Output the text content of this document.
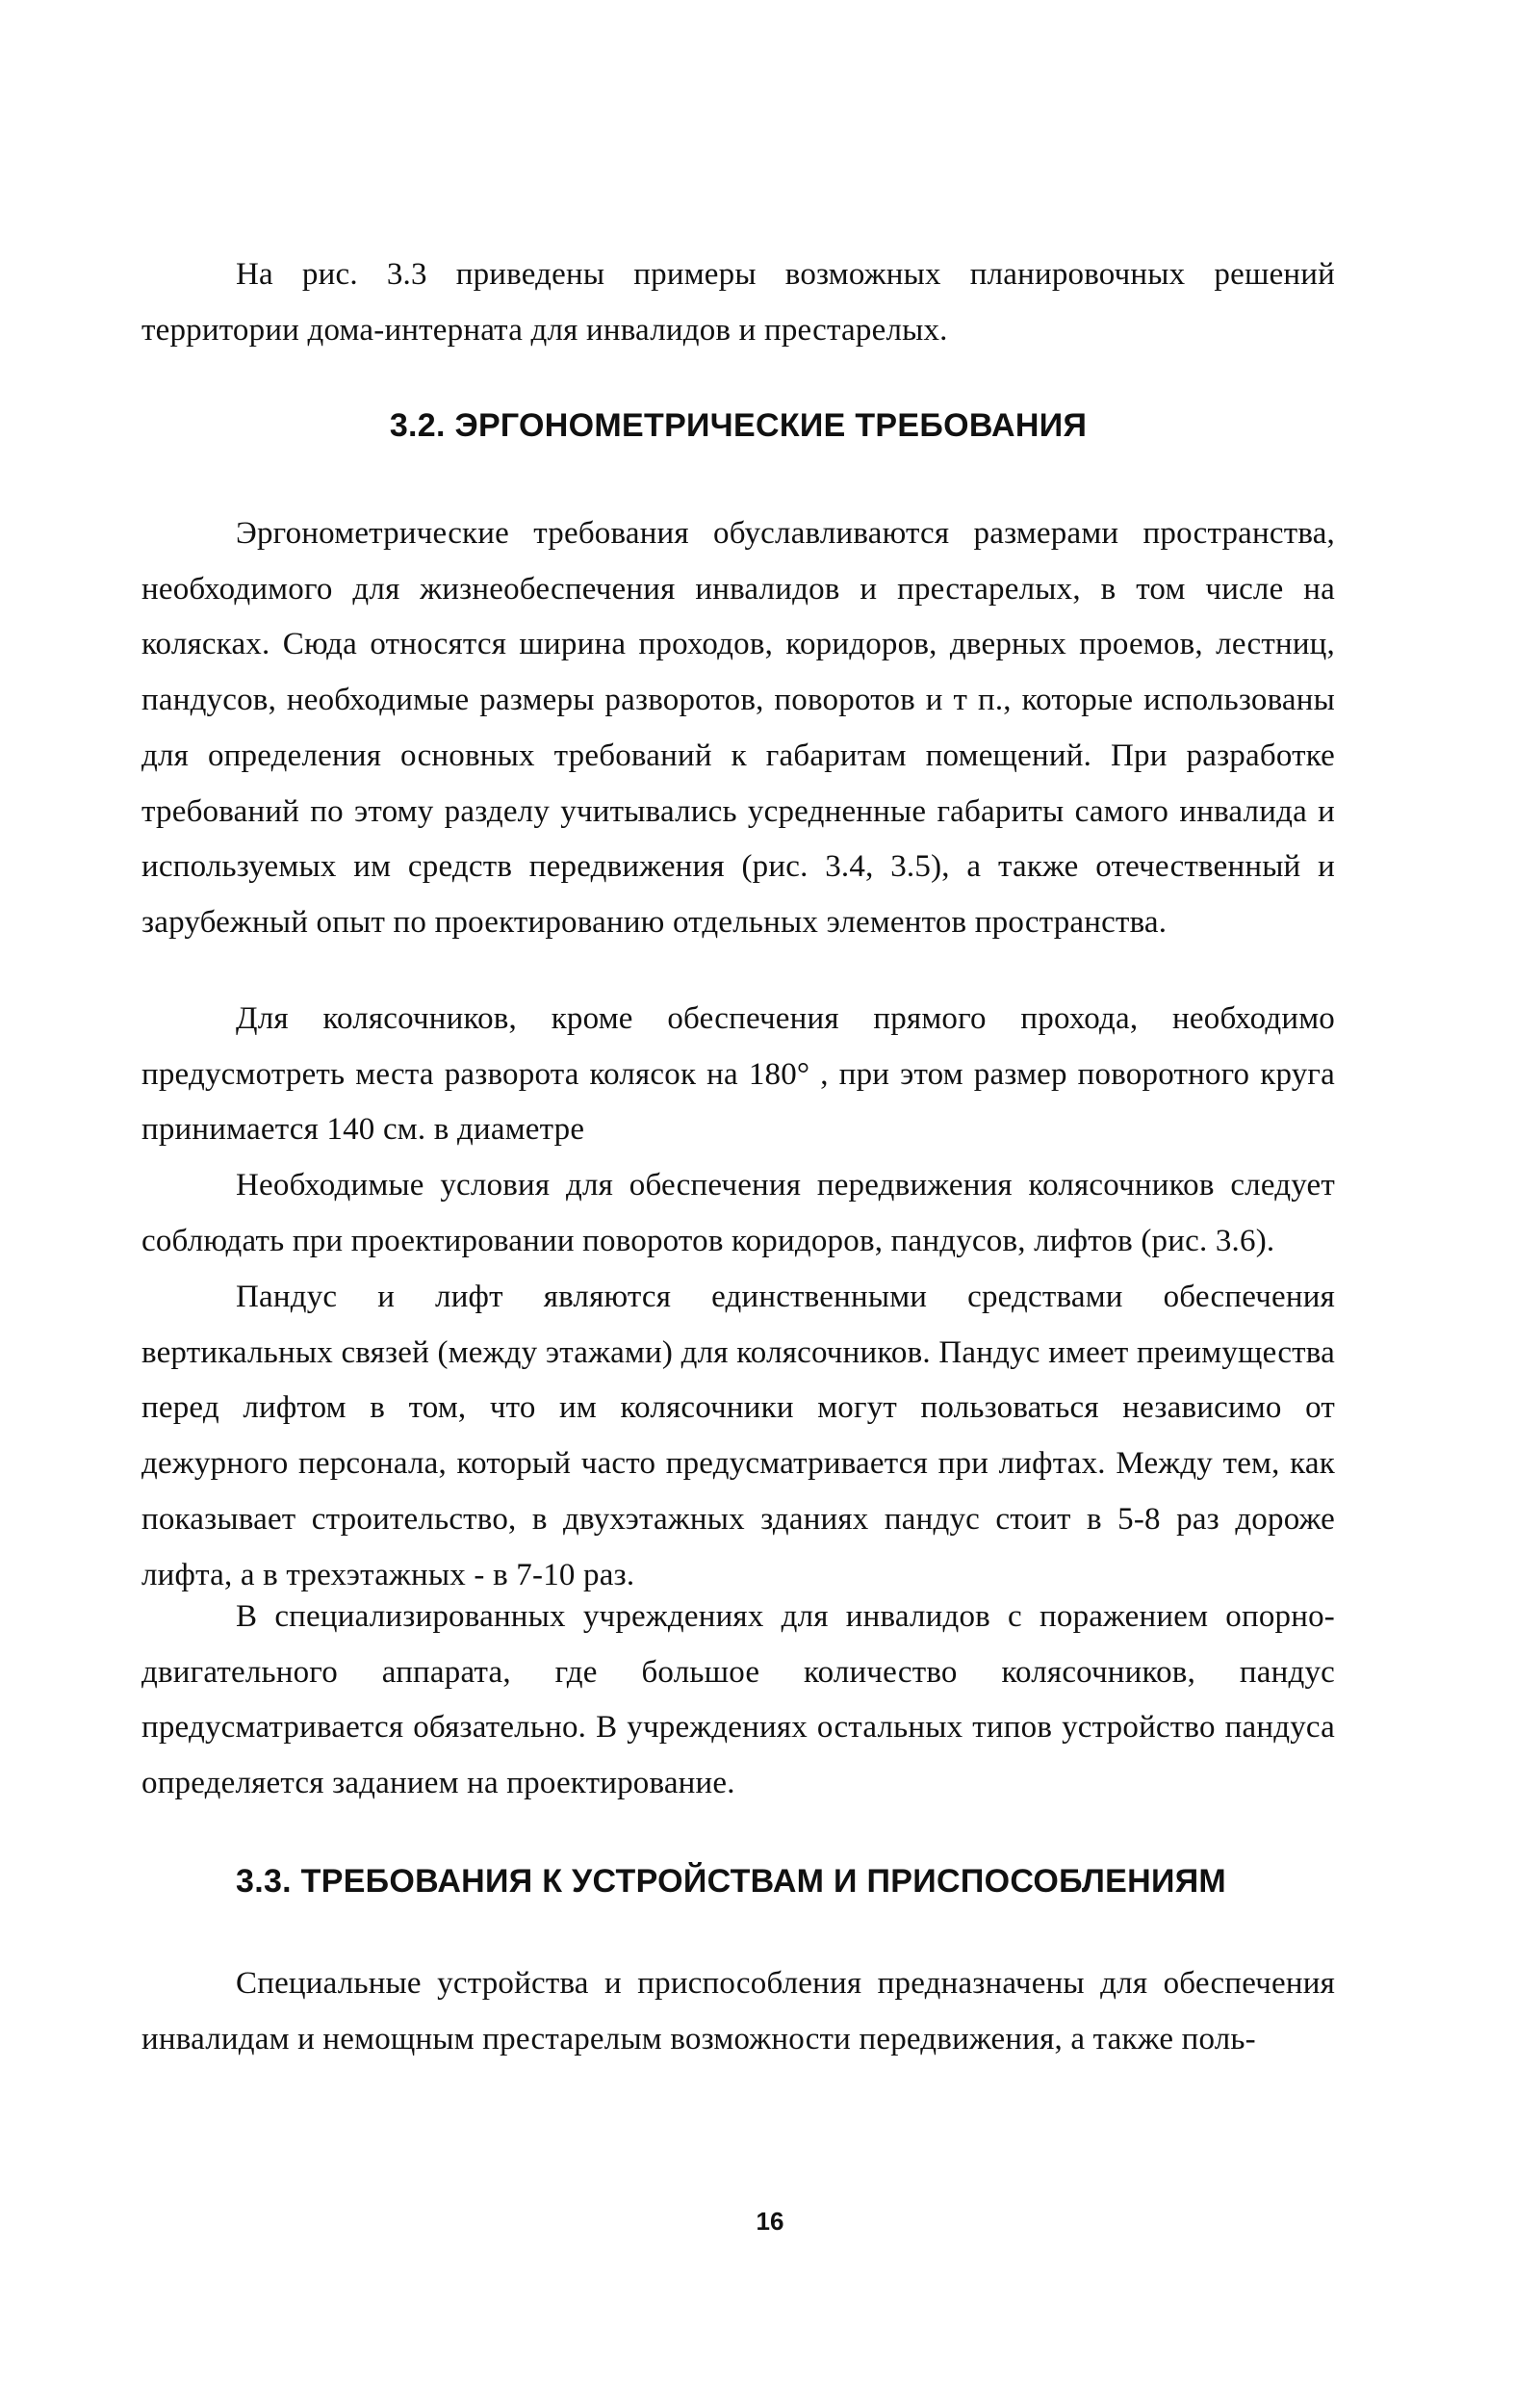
На рис. 3.3 приведены примеры возможных планировочных решений территории дома-интерната для инвалидов и престарелых.

3.2. ЭРГОНОМЕТРИЧЕСКИЕ ТРЕБОВАНИЯ

Эргонометрические требования обуславливаются размерами пространства, необходимого для жизнеобеспечения инвалидов и престарелых, в том числе на колясках. Сюда относятся ширина проходов, коридоров, дверных проемов, лестниц, пандусов, необходимые размеры разворотов, поворотов и т п., которые использованы для определения основных требований к габаритам помещений. При разработке требований по этому разделу учитывались усредненные габариты самого инвалида и используемых им средств передвижения (рис. 3.4, 3.5), а также отечественный и зарубежный опыт по проектированию отдельных элементов пространства.

Для колясочников, кроме обеспечения прямого прохода, необходимо предусмотреть места разворота колясок на 180° , при этом размер поворотного круга принимается 140 см. в диаметре

Необходимые условия для обеспечения передвижения колясочников следует соблюдать при проектировании поворотов коридоров, пандусов, лифтов (рис. 3.6).

Пандус и лифт являются единственными средствами обеспечения вертикальных связей (между этажами) для колясочников. Пандус имеет преимущества перед лифтом в том, что им колясочники могут пользоваться независимо от дежурного персонала, который часто предусматривается при лифтах. Между тем, как показывает строительство, в двухэтажных зданиях пандус стоит в 5-8 раз дороже лифта, а в трехэтажных - в 7-10 раз.

В специализированных учреждениях для инвалидов с поражением опорно-двигательного аппарата, где большое количество колясочников, пандус предусматривается обязательно. В учреждениях остальных типов устройство пандуса определяется заданием на проектирование.

3.3. ТРЕБОВАНИЯ К УСТРОЙСТВАМ И ПРИСПОСОБЛЕНИЯМ

Специальные устройства и приспособления предназначены для обеспечения инвалидам и немощным престарелым возможности передвижения, а также поль-

16
